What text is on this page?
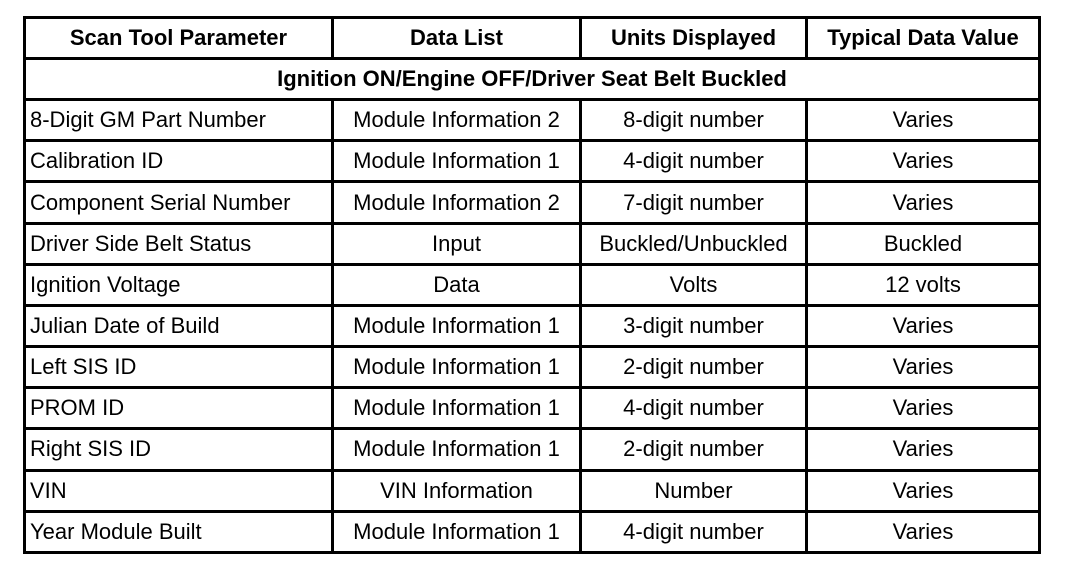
Scan Tool Parameter	Data List	Units Displayed	Typical Data Value
Ignition ON/Engine OFF/Driver Seat Belt Buckled			
8-Digit GM Part Number	Module Information 2	8-digit number	Varies
Calibration ID	Module Information 1	4-digit number	Varies
Component Serial Number	Module Information 2	7-digit number	Varies
Driver Side Belt Status	Input	Buckled/Unbuckled	Buckled
Ignition Voltage	Data	Volts	12 volts
Julian Date of Build	Module Information 1	3-digit number	Varies
Left SIS ID	Module Information 1	2-digit number	Varies
PROM ID	Module Information 1	4-digit number	Varies
Right SIS ID	Module Information 1	2-digit number	Varies
VIN	VIN Information	Number	Varies
Year Module Built	Module Information 1	4-digit number	Varies
